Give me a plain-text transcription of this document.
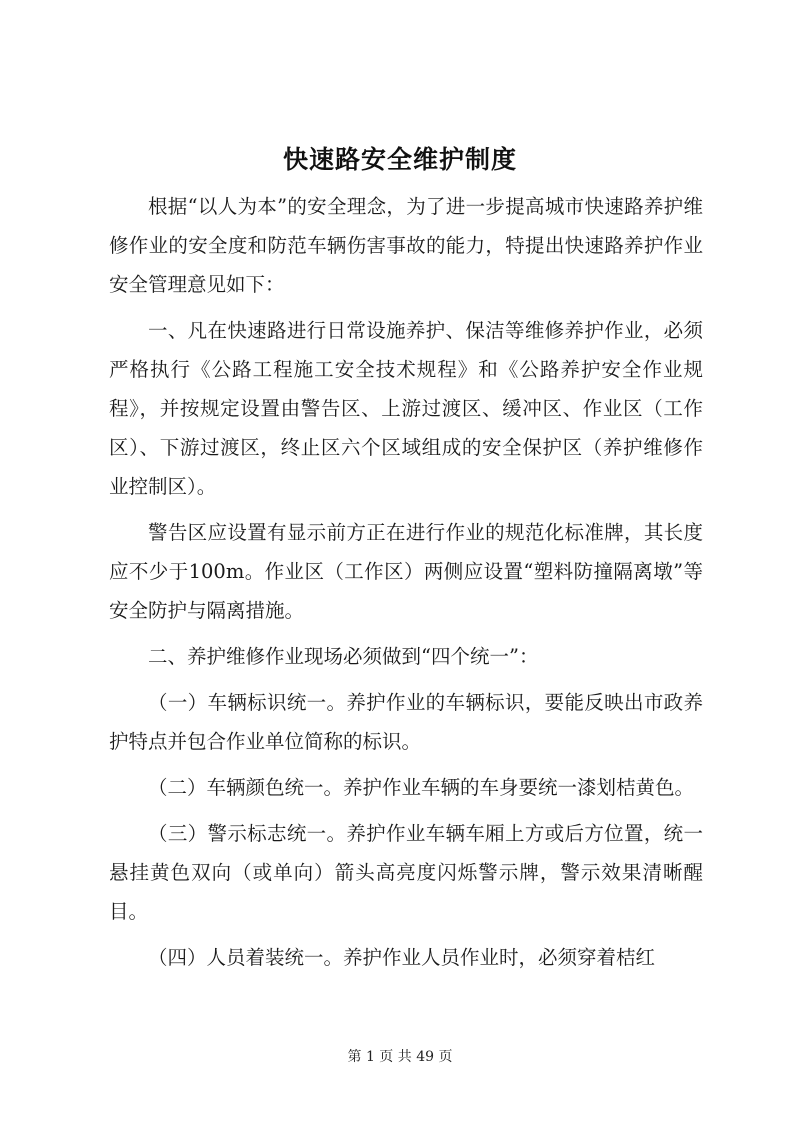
快速路安全维护制度

根据“以人为本”的安全理念，为了进一步提高城市快速路养护维修作业的安全度和防范车辆伤害事故的能力，特提出快速路养护作业安全管理意见如下：

一、凡在快速路进行日常设施养护、保洁等维修养护作业，必须严格执行《公路工程施工安全技术规程》和《公路养护安全作业规程》，并按规定设置由警告区、上游过渡区、缓冲区、作业区（工作区）、下游过渡区，终止区六个区域组成的安全保护区（养护维修作业控制区）。

警告区应设置有显示前方正在进行作业的规范化标准牌，其长度应不少于100m。作业区（工作区）两侧应设置“塑料防撞隔离墩”等安全防护与隔离措施。

二、养护维修作业现场必须做到“四个统一”：

（一）车辆标识统一。养护作业的车辆标识，要能反映出市政养护特点并包合作业单位简称的标识。

（二）车辆颜色统一。养护作业车辆的车身要统一漆划桔黄色。

（三）警示标志统一。养护作业车辆车厢上方或后方位置，统一悬挂黄色双向（或单向）箭头高亮度闪烁警示牌，警示效果清晰醒目。

（四）人员着装统一。养护作业人员作业时，必须穿着桔红

第 1 页 共 49 页
